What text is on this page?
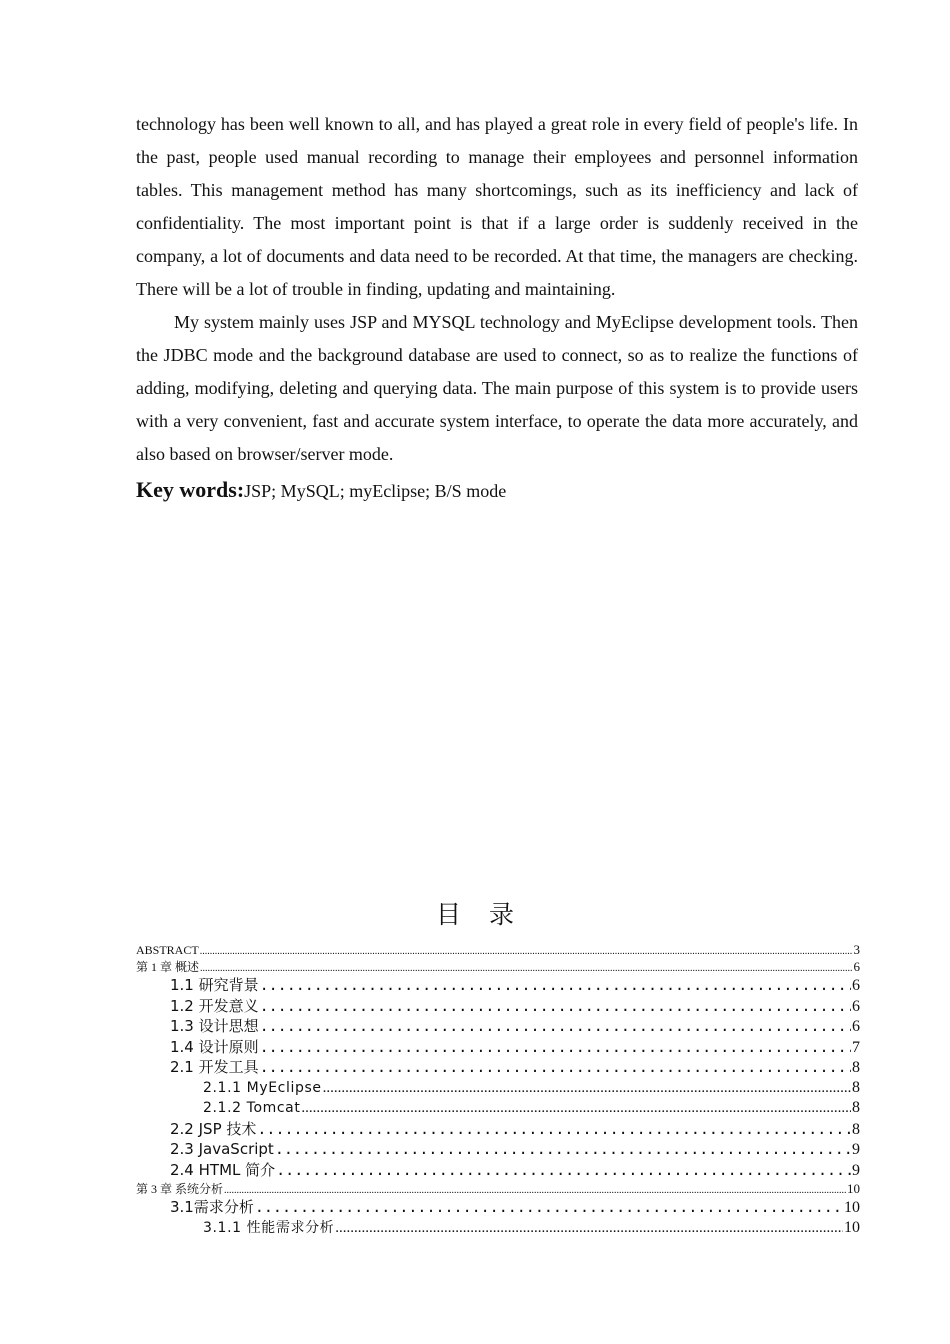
technology has been well known to all, and has played a great role in every field of people's life. In the past, people used manual recording to manage their employees and personnel information tables. This management method has many shortcomings, such as its inefficiency and lack of confidentiality. The most important point is that if a large order is suddenly received in the company, a lot of documents and data need to be recorded. At that time, the managers are checking. There will be a lot of trouble in finding, updating and maintaining.

My system mainly uses JSP and MYSQL technology and MyEclipse development tools. Then the JDBC mode and the background database are used to connect, so as to realize the functions of adding, modifying, deleting and querying data. The main purpose of this system is to provide users with a very convenient, fast and accurate system interface, to operate the data more accurately, and also based on browser/server mode.

Key words:JSP; MySQL; myEclipse; B/S mode
目录
ABSTRACT .....	3
第 1 章 概述 .....	6
1.1 研究背景 .....	6
1.2 开发意义 .....	6
1.3 设计思想 .....	6
1.4 设计原则 .....	7
2.1 开发工具 .....	8
2.1.1 MyEclipse .....	8
2.1.2 Tomcat .....	8
2.2 JSP 技术 .....	8
2.3 JavaScript .....	9
2.4 HTML 简介 .....	9
第 3 章 系统分析 .....	10
3.1需求分析 .....	10
3.1.1 性能需求分析 .....	10
